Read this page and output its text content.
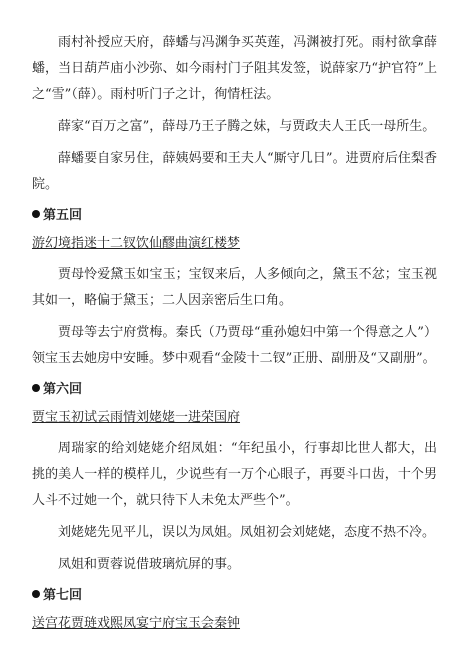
雨村补授应天府，薛蟠与冯渊争买英莲，冯渊被打死。雨村欲拿薛蟠，当日葫芦庙小沙弥、如今雨村门子阻其发签，说薛家乃“护官符”上之“雪”（薛）。雨村听门子之计，徇情枉法。

薛家“百万之富”，薛母乃王子腾之妹，与贾政夫人王氏一母所生。

薛蟠要自家另住，薛姨妈要和王夫人“厮守几日”。进贾府后住梨香院。

第五回

游幻境指迷十二钗饮仙醪曲演红楼梦

贾母怜爱黛玉如宝玉；宝钗来后，人多倾向之，黛玉不忿；宝玉视其如一，略偏于黛玉；二人因亲密后生口角。

贾母等去宁府赏梅。秦氏（乃贾母“重孙媳妇中第一个得意之人”）领宝玉去她房中安睡。梦中观看“金陵十二钗”正册、副册及“又副册”。

第六回

贾宝玉初试云雨情刘姥姥一进荣国府

周瑞家的给刘姥姥介绍凤姐：“年纪虽小，行事却比世人都大，出挑的美人一样的模样儿，少说些有一万个心眼子，再要斗口齿，十个男人斗不过她一个，就只待下人未免太严些个”。

刘姥姥先见平儿，误以为凤姐。凤姐初会刘姥姥，态度不热不冷。

凤姐和贾蓉说借玻璃炕屏的事。

第七回

送宫花贾琏戏熙凤宴宁府宝玉会秦钟
